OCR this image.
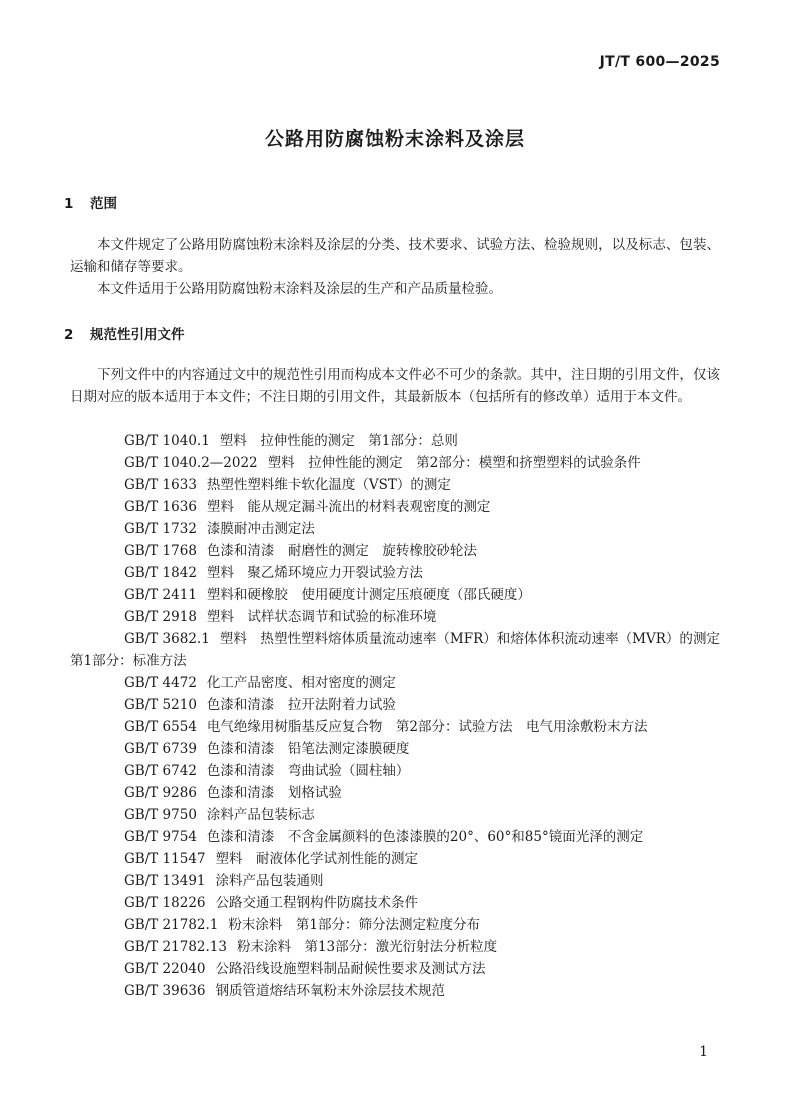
JT/T 600—2025
公路用防腐蚀粉末涂料及涂层
1 范围
本文件规定了公路用防腐蚀粉末涂料及涂层的分类、技术要求、试验方法、检验规则，以及标志、包装、运输和储存等要求。
本文件适用于公路用防腐蚀粉末涂料及涂层的生产和产品质量检验。
2 规范性引用文件
下列文件中的内容通过文中的规范性引用而构成本文件必不可少的条款。其中，注日期的引用文件，仅该日期对应的版本适用于本文件；不注日期的引用文件，其最新版本（包括所有的修改单）适用于本文件。
GB/T 1040.1 塑料　拉伸性能的测定　第1部分：总则
GB/T 1040.2—2022 塑料　拉伸性能的测定　第2部分：模塑和挤塑塑料的试验条件
GB/T 1633 热塑性塑料维卡软化温度（VST）的测定
GB/T 1636 塑料　能从规定漏斗流出的材料表观密度的测定
GB/T 1732 漆膜耐冲击测定法
GB/T 1768 色漆和清漆　耐磨性的测定　旋转橡胶砂轮法
GB/T 1842 塑料　聚乙烯环境应力开裂试验方法
GB/T 2411 塑料和硬橡胶　使用硬度计测定压痕硬度（邵氏硬度）
GB/T 2918 塑料　试样状态调节和试验的标准环境
GB/T 3682.1 塑料　热塑性塑料熔体质量流动速率（MFR）和熔体体积流动速率（MVR）的测定　第1部分：标准方法
GB/T 4472 化工产品密度、相对密度的测定
GB/T 5210 色漆和清漆　拉开法附着力试验
GB/T 6554 电气绝缘用树脂基反应复合物　第2部分：试验方法　电气用涂敷粉末方法
GB/T 6739 色漆和清漆　铅笔法测定漆膜硬度
GB/T 6742 色漆和清漆　弯曲试验（圆柱轴）
GB/T 9286 色漆和清漆　划格试验
GB/T 9750 涂料产品包装标志
GB/T 9754 色漆和清漆　不含金属颜料的色漆漆膜的20°、60°和85°镜面光泽的测定
GB/T 11547 塑料　耐液体化学试剂性能的测定
GB/T 13491 涂料产品包装通则
GB/T 18226 公路交通工程钢构件防腐技术条件
GB/T 21782.1 粉末涂料　第1部分：筛分法测定粒度分布
GB/T 21782.13 粉末涂料　第13部分：激光衍射法分析粒度
GB/T 22040 公路沿线设施塑料制品耐候性要求及测试方法
GB/T 39636 钢质管道熔结环氧粉末外涂层技术规范
1
